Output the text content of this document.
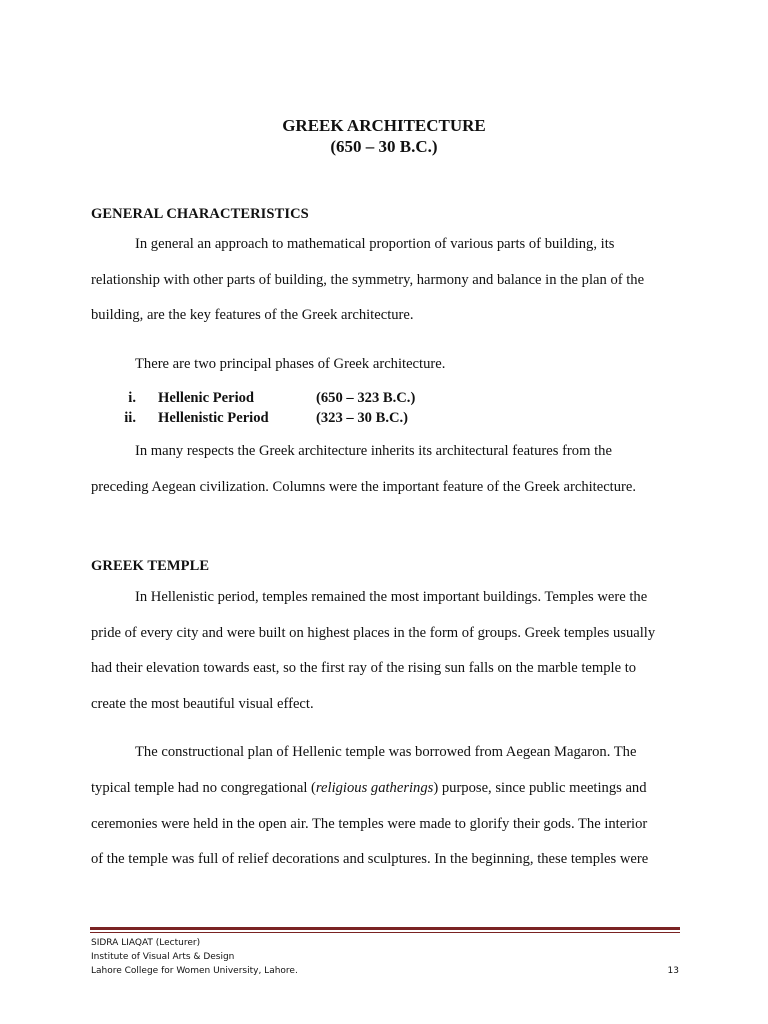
GREEK ARCHITECTURE
(650 – 30 B.C.)
GENERAL CHARACTERISTICS
In general an approach to mathematical proportion of various parts of building, its
relationship with other parts of building, the symmetry, harmony and balance in the plan of the
building, are the key features of the Greek architecture.
There are two principal phases of Greek architecture.
i. Hellenic Period	(650 – 323 B.C.)
ii. Hellenistic Period	(323 – 30 B.C.)
In many respects the Greek architecture inherits its architectural features from the
preceding Aegean civilization. Columns were the important feature of the Greek architecture.
GREEK TEMPLE
In Hellenistic period, temples remained the most important buildings. Temples were the
pride of every city and were built on highest places in the form of groups. Greek temples usually
had their elevation towards east, so the first ray of the rising sun falls on the marble temple to
create the most beautiful visual effect.
The constructional plan of Hellenic temple was borrowed from Aegean Magaron. The
typical temple had no congregational (religious gatherings) purpose, since public meetings and
ceremonies were held in the open air. The temples were made to glorify their gods. The interior
of the temple was full of relief decorations and sculptures. In the beginning, these temples were
SIDRA LIAQAT (Lecturer)
Institute of Visual Arts & Design
Lahore College for Women University, Lahore.	13
